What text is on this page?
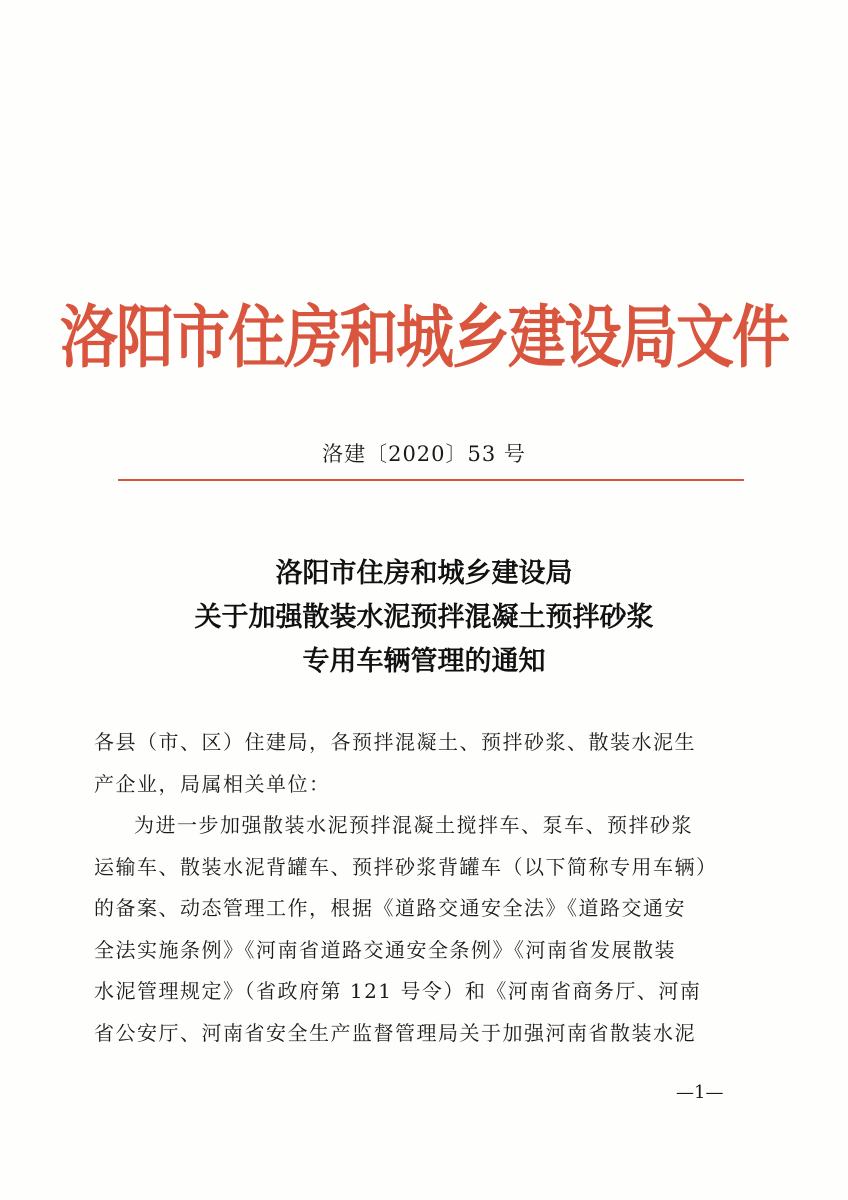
洛阳市住房和城乡建设局文件
洛建〔2020〕53 号
洛阳市住房和城乡建设局
关于加强散装水泥预拌混凝土预拌砂浆
专用车辆管理的通知
各县（市、区）住建局，各预拌混凝土、预拌砂浆、散装水泥生
产企业，局属相关单位：
为进一步加强散装水泥预拌混凝土搅拌车、泵车、预拌砂浆
运输车、散装水泥背罐车、预拌砂浆背罐车（以下简称专用车辆）
的备案、动态管理工作，根据《道路交通安全法》《道路交通安
全法实施条例》《河南省道路交通安全条例》《河南省发展散装
水泥管理规定》（省政府第 121 号令）和《河南省商务厅、河南
省公安厅、河南省安全生产监督管理局关于加强河南省散装水泥
—1—
